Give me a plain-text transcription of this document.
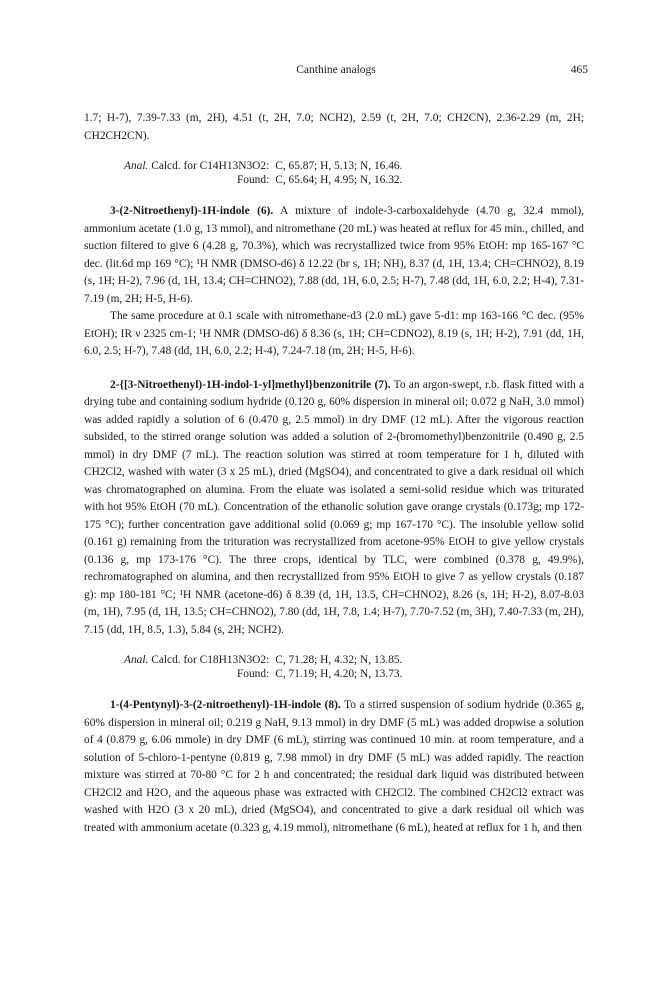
Canthine analogs	465

1.7; H-7), 7.39-7.33 (m, 2H), 4.51 (t, 2H, 7.0; NCH2), 2.59 (t, 2H, 7.0; CH2CN), 2.36-2.29 (m, 2H; CH2CH2CN).

Anal. Calcd. for C14H13N3O2:
Found:
C, 65.87; H, 5.13; N, 16.46.
C, 65.64; H, 4.95; N, 16.32.

3-(2-Nitroethenyl)-1H-indole (6). A mixture of indole-3-carboxaldehyde (4.70 g, 32.4 mmol), ammonium acetate (1.0 g, 13 mmol), and nitromethane (20 mL) was heated at reflux for 45 min., chilled, and suction filtered to give 6 (4.28 g, 70.3%), which was recrystallized twice from 95% EtOH: mp 165-167 °C dec. (lit.6d mp 169 °C); ¹H NMR (DMSO-d6) δ 12.22 (br s, 1H; NH), 8.37 (d, 1H, 13.4; CH=CHNO2), 8.19 (s, 1H; H-2), 7.96 (d, 1H, 13.4; CH=CHNO2), 7.88 (dd, 1H, 6.0, 2.5; H-7), 7.48 (dd, 1H, 6.0, 2.2; H-4), 7.31-7.19 (m, 2H; H-5, H-6).

The same procedure at 0.1 scale with nitromethane-d3 (2.0 mL) gave 5-d1: mp 163-166 °C dec. (95% EtOH); IR ν 2325 cm-1; ¹H NMR (DMSO-d6) δ 8.36 (s, 1H; CH=CDNO2), 8.19 (s, 1H; H-2), 7.91 (dd, 1H, 6.0, 2.5; H-7), 7.48 (dd, 1H, 6.0, 2.2; H-4), 7.24-7.18 (m, 2H; H-5, H-6).

2-{[3-Nitroethenyl)-1H-indol-1-yl]methyl}benzonitrile (7). To an argon-swept, r.b. flask fitted with a drying tube and containing sodium hydride (0.120 g, 60% dispersion in mineral oil; 0.072 g NaH, 3.0 mmol) was added rapidly a solution of 6 (0.470 g, 2.5 mmol) in dry DMF (12 mL). After the vigorous reaction subsided, to the stirred orange solution was added a solution of 2-(bromomethyl)benzonitrile (0.490 g, 2.5 mmol) in dry DMF (7 mL). The reaction solution was stirred at room temperature for 1 h, diluted with CH2Cl2, washed with water (3 x 25 mL), dried (MgSO4), and concentrated to give a dark residual oil which was chromatographed on alumina. From the eluate was isolated a semi-solid residue which was triturated with hot 95% EtOH (70 mL). Concentration of the ethanolic solution gave orange crystals (0.173g; mp 172-175 °C); further concentration gave additional solid (0.069 g; mp 167-170 °C). The insoluble yellow solid (0.161 g) remaining from the trituration was recrystallized from acetone-95% EtOH to give yellow crystals (0.136 g, mp 173-176 °C). The three crops, identical by TLC, were combined (0.378 g, 49.9%), rechromatographed on alumina, and then recrystallized from 95% EtOH to give 7 as yellow crystals (0.187 g): mp 180-181 °C; ¹H NMR (acetone-d6) δ 8.39 (d, 1H, 13.5, CH=CHNO2), 8.26 (s, 1H; H-2), 8.07-8.03 (m, 1H), 7.95 (d, 1H, 13.5; CH=CHNO2), 7.80 (dd, 1H, 7.8, 1.4; H-7), 7.70-7.52 (m, 3H), 7.40-7.33 (m, 2H), 7.15 (dd, 1H, 8.5, 1.3), 5.84 (s, 2H; NCH2).

Anal. Calcd. for C18H13N3O2:
Found:
C, 71.28; H, 4.32; N, 13.85.
C, 71.19; H, 4.20; N, 13.73.

1-(4-Pentynyl)-3-(2-nitroethenyl)-1H-indole (8). To a stirred suspension of sodium hydride (0.365 g, 60% dispersion in mineral oil; 0.219 g NaH, 9.13 mmol) in dry DMF (5 mL) was added dropwise a solution of 4 (0.879 g, 6.06 mmole) in dry DMF (6 mL), stirring was continued 10 min. at room temperature, and a solution of 5-chloro-1-pentyne (0.819 g, 7.98 mmol) in dry DMF (5 mL) was added rapidly. The reaction mixture was stirred at 70-80 °C for 2 h and concentrated; the residual dark liquid was distributed between CH2Cl2 and H2O, and the aqueous phase was extracted with CH2Cl2. The combined CH2Cl2 extract was washed with H2O (3 x 20 mL), dried (MgSO4), and concentrated to give a dark residual oil which was treated with ammonium acetate (0.323 g, 4.19 mmol), nitromethane (6 mL), heated at reflux for 1 h, and then
